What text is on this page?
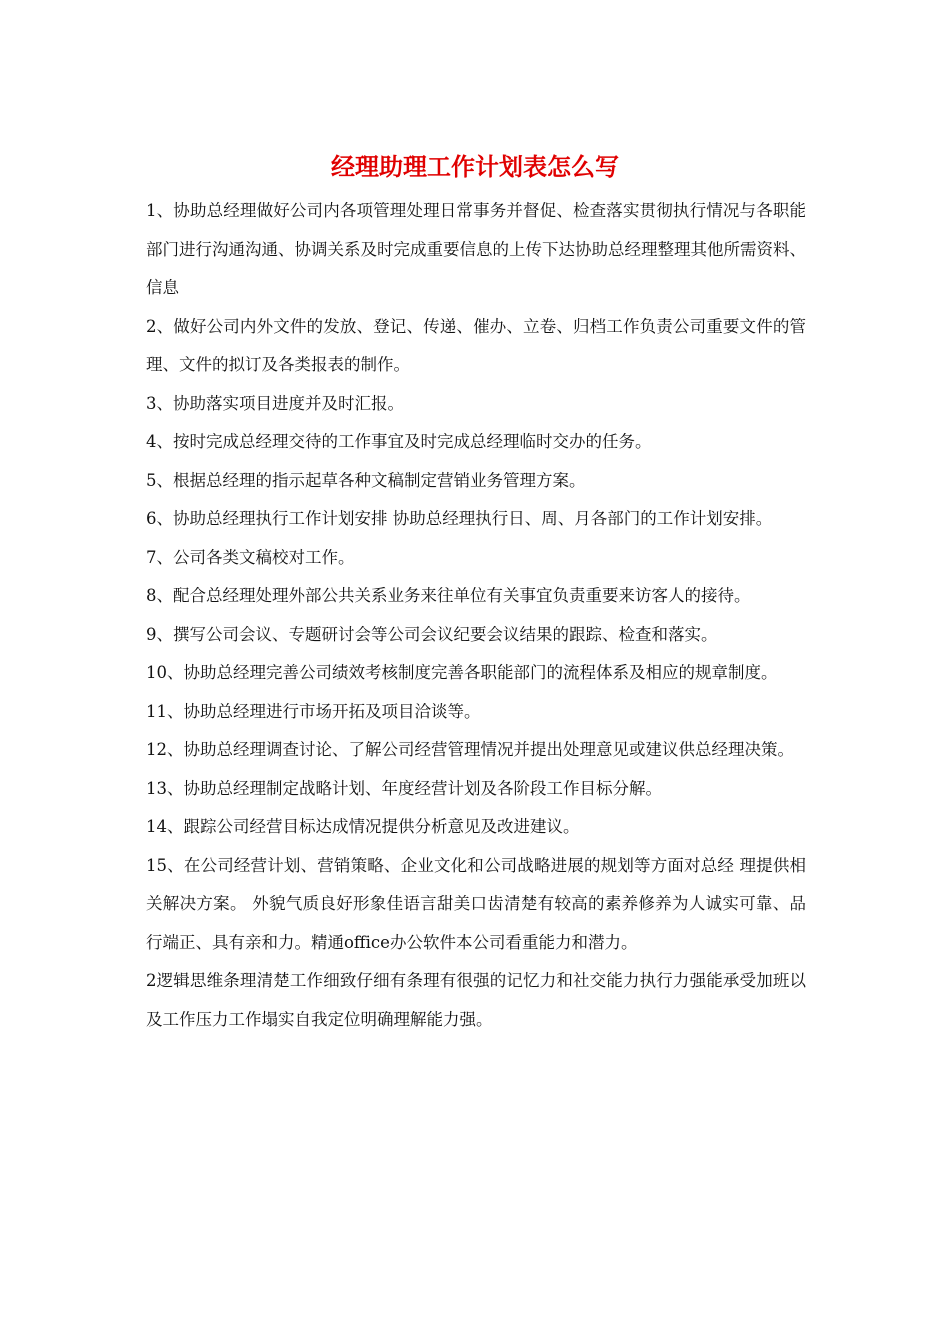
经理助理工作计划表怎么写

1、协助总经理做好公司内各项管理处理日常事务并督促、检查落实贯彻执行情况与各职能部门进行沟通沟通、协调关系及时完成重要信息的上传下达协助总经理整理其他所需资料、信息

2、做好公司内外文件的发放、登记、传递、催办、立卷、归档工作负责公司重要文件的管理、文件的拟订及各类报表的制作。

3、协助落实项目进度并及时汇报。

4、按时完成总经理交待的工作事宜及时完成总经理临时交办的任务。

5、根据总经理的指示起草各种文稿制定营销业务管理方案。

6、协助总经理执行工作计划安排 协助总经理执行日、周、月各部门的工作计划安排。

7、公司各类文稿校对工作。

8、配合总经理处理外部公共关系业务来往单位有关事宜负责重要来访客人的接待。

9、撰写公司会议、专题研讨会等公司会议纪要会议结果的跟踪、检查和落实。

10、协助总经理完善公司绩效考核制度完善各职能部门的流程体系及相应的规章制度。

11、协助总经理进行市场开拓及项目洽谈等。

12、协助总经理调查讨论、了解公司经营管理情况并提出处理意见或建议供总经理决策。

13、协助总经理制定战略计划、年度经营计划及各阶段工作目标分解。

14、跟踪公司经营目标达成情况提供分析意见及改进建议。

15、在公司经营计划、营销策略、企业文化和公司战略进展的规划等方面对总经 理提供相关解决方案。 外貌气质良好形象佳语言甜美口齿清楚有较高的素养修养为人诚实可靠、品行端正、具有亲和力。精通office办公软件本公司看重能力和潜力。

2逻辑思维条理清楚工作细致仔细有条理有很强的记忆力和社交能力执行力强能承受加班以及工作压力工作塌实自我定位明确理解能力强。
